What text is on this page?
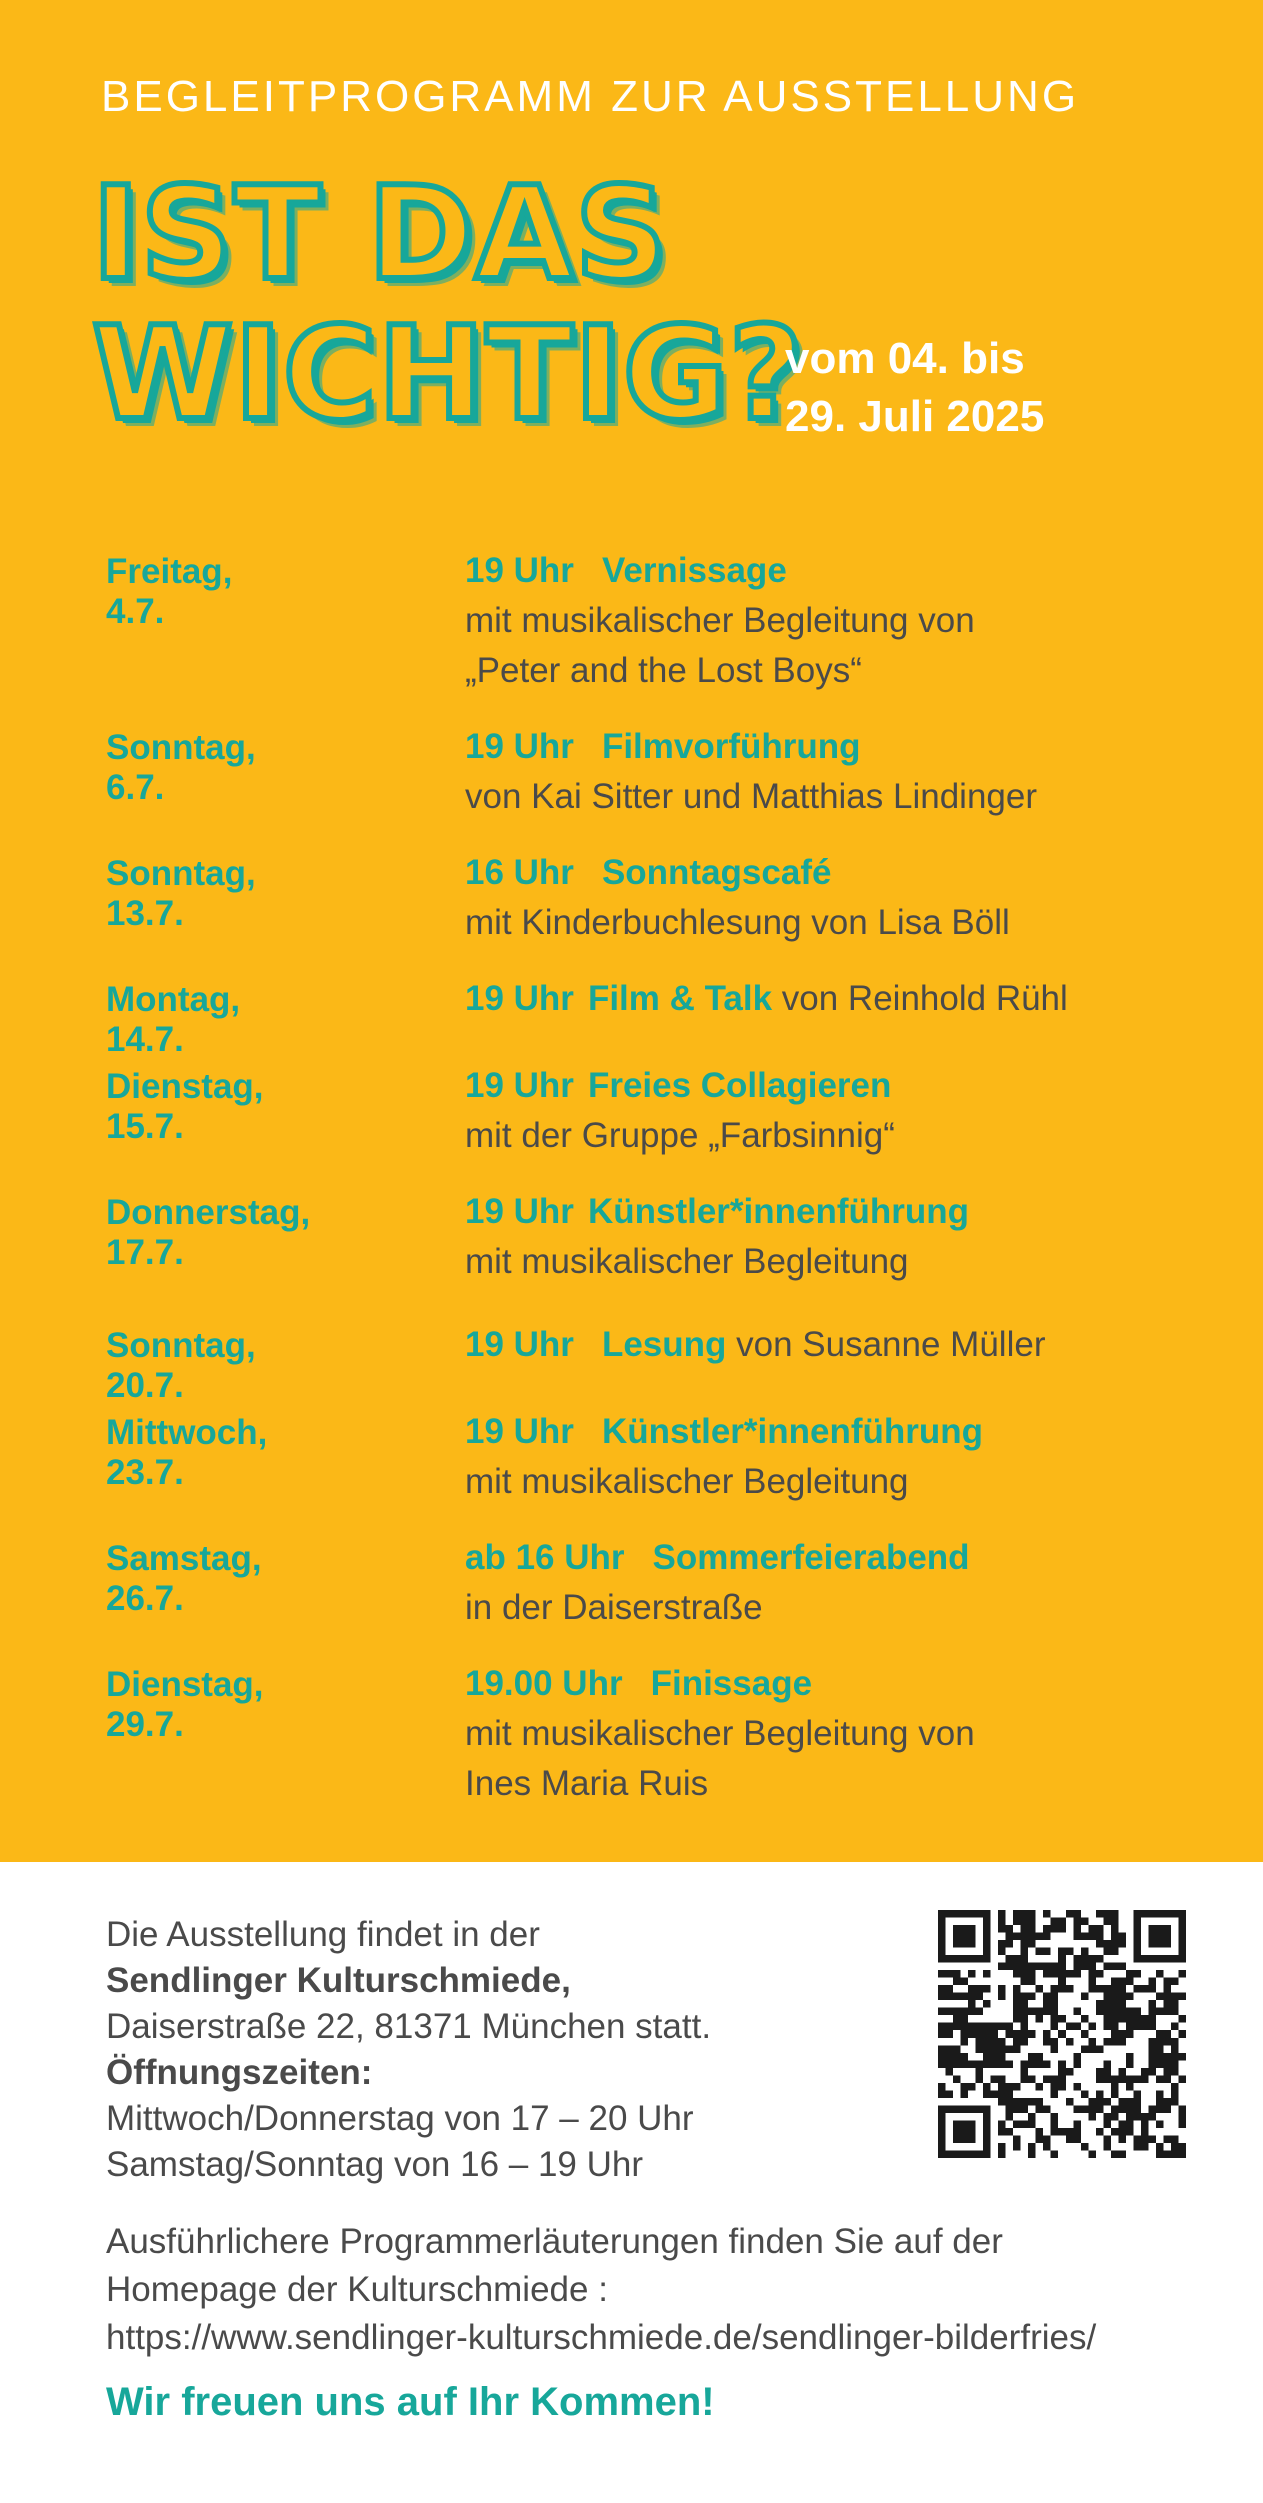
BEGLEITPROGRAMM ZUR AUSSTELLUNG
IST DAS
WICHTIG?
vom 04. bis
29. Juli 2025
Freitag, 4.7.
19 Uhr Vernissage
mit musikalischer Begleitung von
„Peter and the Lost Boys“
Sonntag, 6.7.
19 Uhr Filmvorführung
von Kai Sitter und Matthias Lindinger
Sonntag, 13.7.
16 Uhr Sonntagscafé
mit Kinderbuchlesung von Lisa Böll
Montag, 14.7.
19 Uhr Film & Talk von Reinhold Rühl
Dienstag, 15.7.
19 Uhr Freies Collagieren
mit der Gruppe „Farbsinnig“
Donnerstag, 17.7.
19 Uhr Künstler*innenführung
mit musikalischer Begleitung
Sonntag, 20.7.
19 Uhr Lesung von Susanne Müller
Mittwoch, 23.7.
19 Uhr Künstler*innenführung
mit musikalischer Begleitung
Samstag, 26.7.
ab 16 Uhr Sommerfeierabend
in der Daiserstraße
Dienstag, 29.7.
19.00 Uhr Finissage
mit musikalischer Begleitung von
Ines Maria Ruis
Die Ausstellung findet in der
Sendlinger Kulturschmiede,
Daiserstraße 22, 81371 München statt.
Öffnungszeiten:
Mittwoch/Donnerstag von 17 – 20 Uhr
Samstag/Sonntag von 16 – 19 Uhr
Ausführlichere Programmerläuterungen finden Sie auf der
Homepage der Kulturschmiede :
https://www.sendlinger-kulturschmiede.de/sendlinger-bilderfries/
Wir freuen uns auf Ihr Kommen!
